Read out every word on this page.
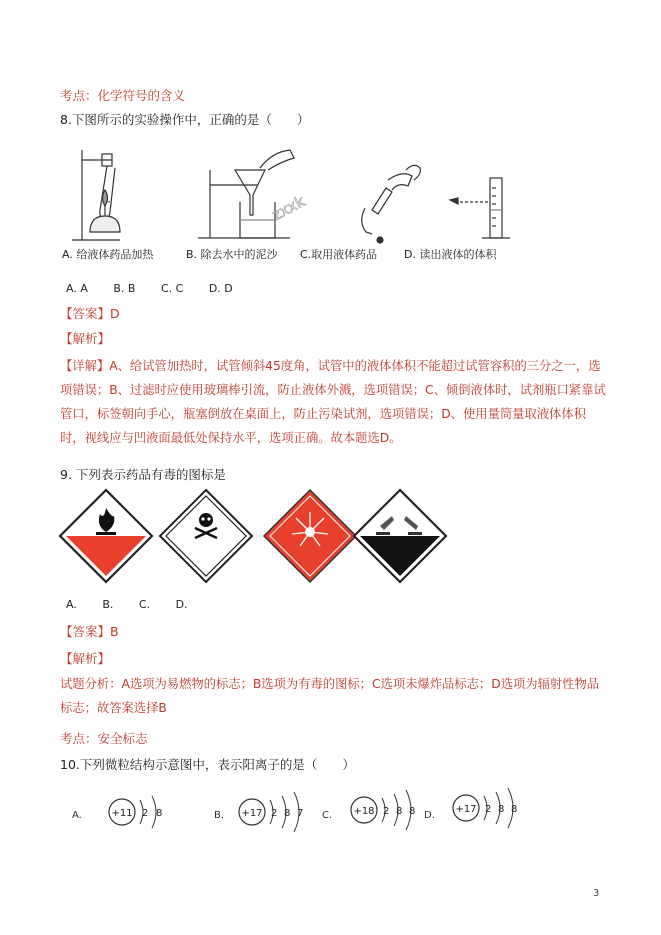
考点：化学符号的含义
8.下图所示的实验操作中，正确的是（　　）
zxxk
A. 给液体药品加热	B. 除去水中的泥沙 C.取用液体药品 D. 读出液体的体积
A. A B. B C. C D. D
【答案】D
【解析】
【详解】A、给试管加热时，试管倾斜45度角，试管中的液体体积不能超过试管容积的三分之一，选项错误；B、过滤时应使用玻璃棒引流，防止液体外溅，选项错误；C、倾倒液体时，试剂瓶口紧靠试管口，标签朝向手心，瓶塞倒放在桌面上，防止污染试剂，选项错误；D、使用量筒量取液体体积时，视线应与凹液面最低处保持水平，选项正确。故本题选D。
9. 下列表示药品有毒的图标是
A. B. C. D.
【答案】B
【解析】
试题分析：A选项为易燃物的标志；B选项为有毒的图标；C选项未爆炸品标志；D选项为辐射性物品标志；故答案选择B
考点：安全标志
10.下列微粒结构示意图中，表示阳离子的是（　　）
A.	+11 2 8	B. +17 2 8 7 C. +18 2 8 8 D.
+17 2 8 8
3
